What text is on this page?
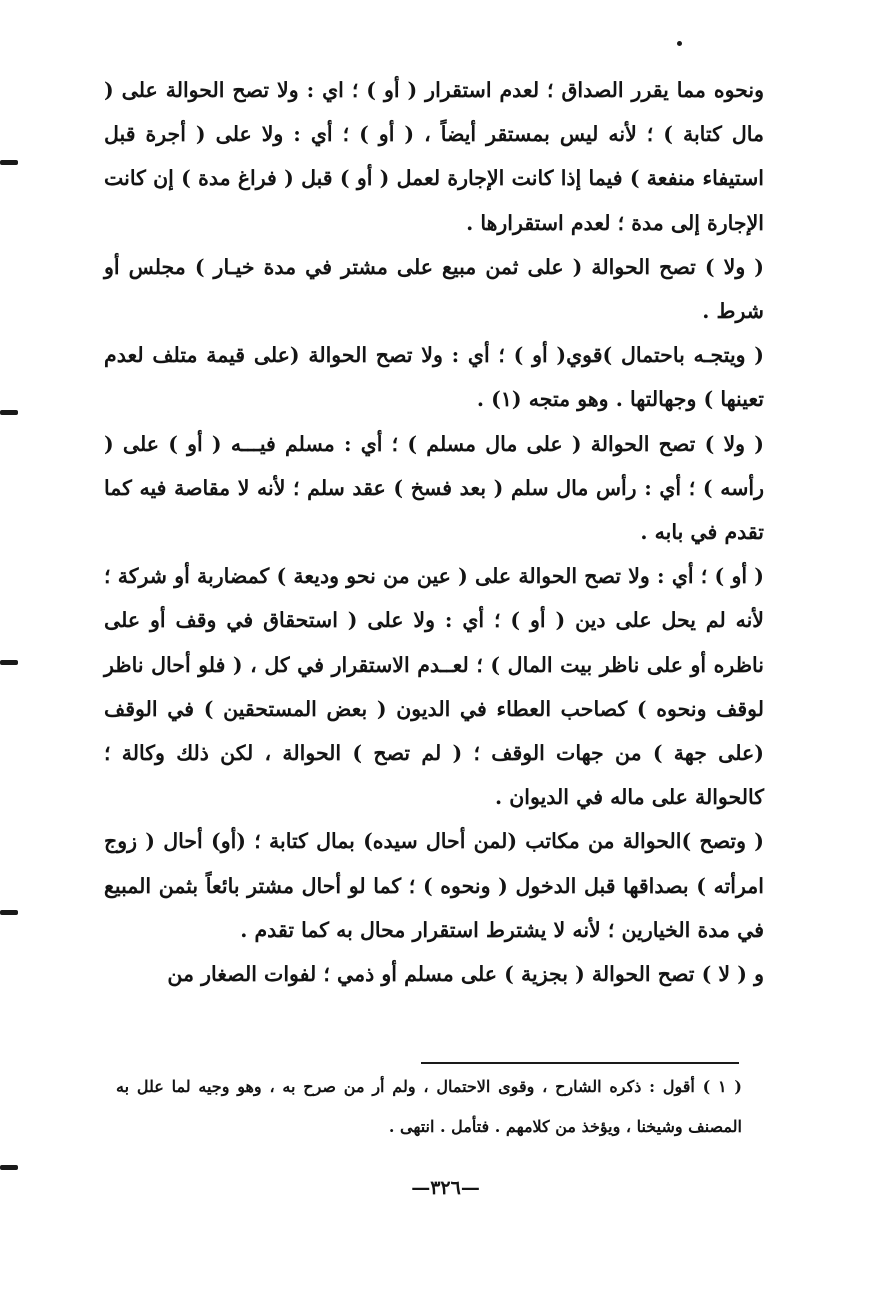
ونحوه مما يقرر الصداق ؛ لعدم استقرار ( أو ) ؛ اي : ولا تصح الحوالة على ( مال كتابة ) ؛ لأنه ليس بمستقر أيضاً ، ( أو ) ؛ أي : ولا على ( أجرة قبل استيفاء منفعة ) فيما إذا كانت الإجارة لعمل ( أو ) قبل ( فراغ مدة ) إن كانت الإجارة إلى مدة ؛ لعدم استقرارها .

( ولا ) تصح الحوالة ( على ثمن مبيع على مشتر في مدة خيـار ) مجلس أو شرط .

( ويتجـه باحتمال )قوي( أو ) ؛ أي : ولا تصح الحوالة (على قيمة متلف لعدم تعينها ) وجهالتها . وهو متجه (١) .

( ولا ) تصح الحوالة ( على مال مسلم ) ؛ أي : مسلم فيـــه ( أو ) على ( رأسه ) ؛ أي : رأس مال سلم ( بعد فسخ ) عقد سلم ؛ لأنه لا مقاصة فيه كما تقدم في بابه .

( أو ) ؛ أي : ولا تصح الحوالة على ( عين من نحو وديعة ) كمضاربة أو شركة ؛ لأنه لم يحل على دين ( أو ) ؛ أي : ولا على ( استحقاق في وقف أو على ناظره أو على ناظر بيت المال ) ؛ لعــدم الاستقرار في كل ، ( فلو أحال ناظر لوقف ونحوه ) كصاحب العطاء في الديون ( بعض المستحقين ) في الوقف (على جهة ) من جهات الوقف ؛ ( لم تصح ) الحوالة ، لكن ذلك وكالة ؛ كالحوالة على ماله في الديوان .

( وتصح )الحوالة من مكاتب (لمن أحال سيده) بمال كتابة ؛ (أو) أحال ( زوج امرأته ) بصداقها قبل الدخول ( ونحوه ) ؛ كما لو أحال مشتر بائعاً بثمن المبيع في مدة الخيارين ؛ لأنه لا يشترط استقرار محال به كما تقدم .

و ( لا ) تصح الحوالة ( بجزية ) على مسلم أو ذمي ؛ لفوات الصغار من

( ١ ) أقول : ذكره الشارح ، وقوى الاحتمال ، ولم أر من صرح به ، وهو وجيه لما علل به المصنف وشيخنا ، ويؤخذ من كلامهم . فتأمل . انتهى .

—٣٢٦—
